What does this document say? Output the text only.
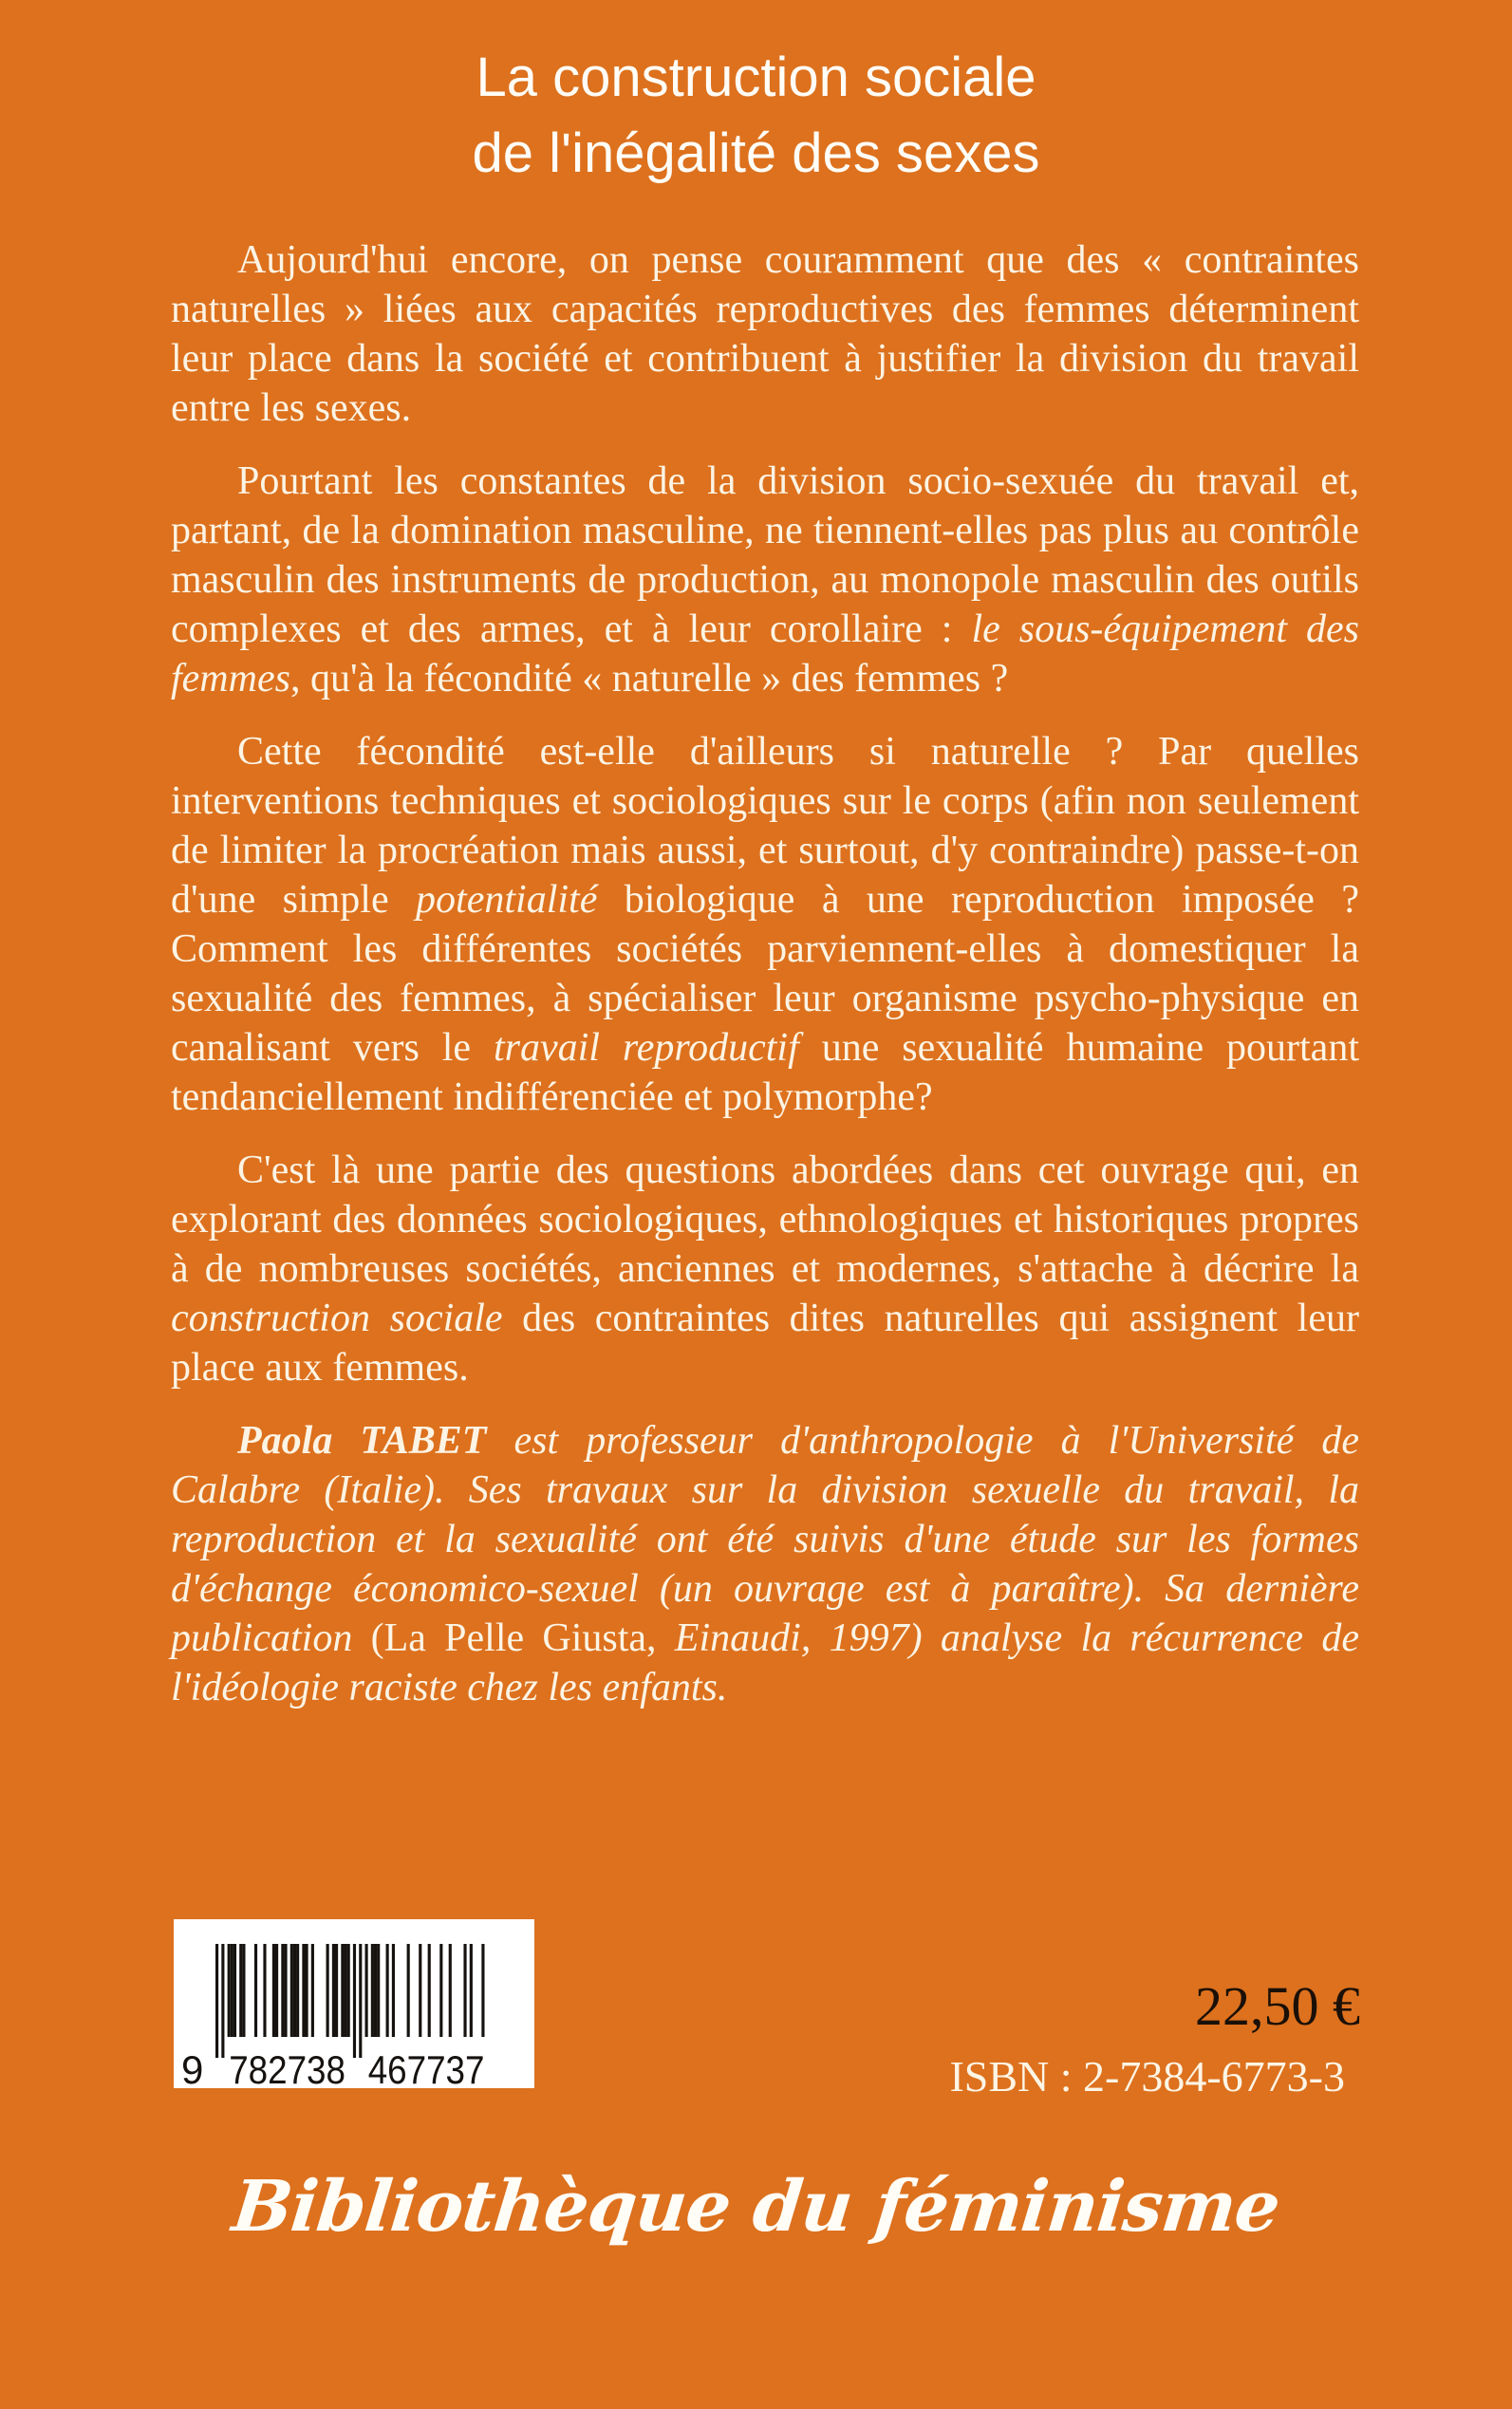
La construction sociale
de l'inégalité des sexes

Aujourd'hui encore, on pense couramment que des « contraintes naturelles » liées aux capacités reproductives des femmes déterminent leur place dans la société et contribuent à justifier la division du travail entre les sexes.

Pourtant les constantes de la division socio-sexuée du travail et, partant, de la domination masculine, ne tiennent-elles pas plus au contrôle masculin des instruments de production, au monopole masculin des outils complexes et des armes, et à leur corollaire : le sous-équipement des femmes, qu'à la fécondité « naturelle » des femmes ?

Cette fécondité est-elle d'ailleurs si naturelle ? Par quelles interventions techniques et sociologiques sur le corps (afin non seulement de limiter la procréation mais aussi, et surtout, d'y contraindre) passe-t-on d'une simple potentialité biologique à une reproduction imposée ? Comment les différentes sociétés parviennent-elles à domestiquer la sexualité des femmes, à spécialiser leur organisme psycho-physique en canalisant vers le travail reproductif une sexualité humaine pourtant tendanciellement indifférenciée et polymorphe?

C'est là une partie des questions abordées dans cet ouvrage qui, en explorant des données sociologiques, ethnologiques et historiques propres à de nombreuses sociétés, anciennes et modernes, s'attache à décrire la construction sociale des contraintes dites naturelles qui assignent leur place aux femmes.

Paola TABET est professeur d'anthropologie à l'Université de Calabre (Italie). Ses travaux sur la division sexuelle du travail, la reproduction et la sexualité ont été suivis d'une étude sur les formes d'échange économico-sexuel (un ouvrage est à paraître). Sa dernière publication (La Pelle Giusta, Einaudi, 1997) analyse la récurrence de l'idéologie raciste chez les enfants.

9 782738 467737
22,50 €
ISBN : 2-7384-6773-3
Bibliothèque du féminisme
